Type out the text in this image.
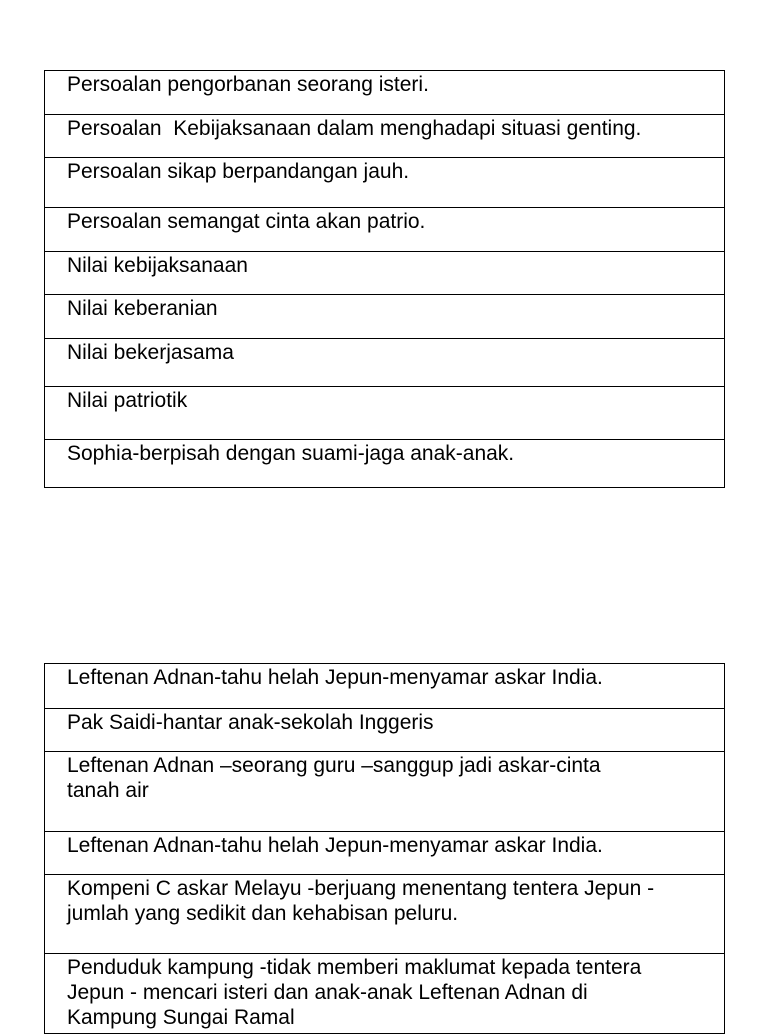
Persoalan pengorbanan seorang isteri.
Persoalan  Kebijaksanaan dalam menghadapi situasi genting.
Persoalan sikap berpandangan jauh.
Persoalan semangat cinta akan patrio.
Nilai kebijaksanaan
Nilai keberanian
Nilai bekerjasama
Nilai patriotik
Sophia-berpisah dengan suami-jaga anak-anak.
Leftenan Adnan-tahu helah Jepun-menyamar askar India.
Pak Saidi-hantar anak-sekolah Inggeris
Leftenan Adnan –seorang guru –sanggup jadi askar-cinta
tanah air
Leftenan Adnan-tahu helah Jepun-menyamar askar India.
Kompeni C askar Melayu -berjuang menentang tentera Jepun -
jumlah yang sedikit dan kehabisan peluru.
Penduduk kampung -tidak memberi maklumat kepada tentera
Jepun - mencari isteri dan anak-anak Leftenan Adnan di
Kampung Sungai Ramal
